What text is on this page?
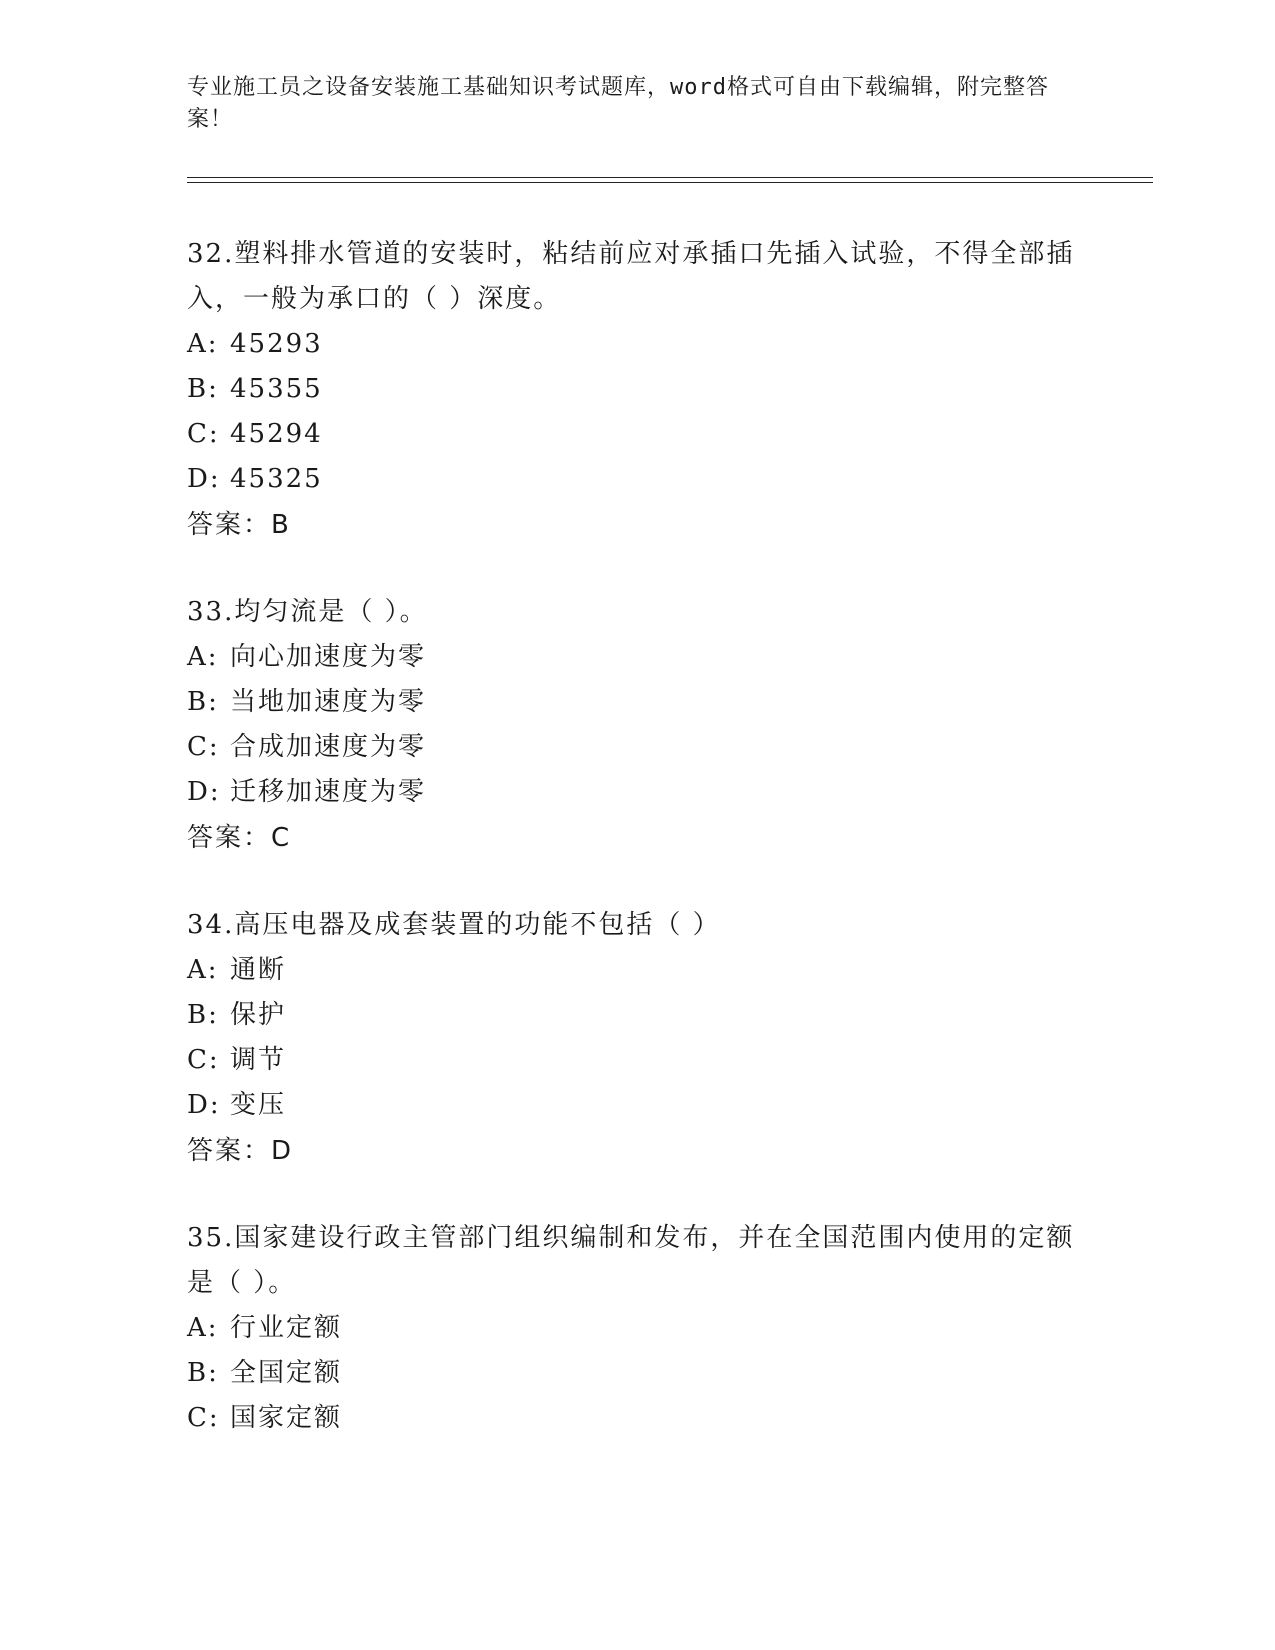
专业施工员之设备安装施工基础知识考试题库，word格式可自由下载编辑，附完整答案！

32.塑料排水管道的安装时，粘结前应对承插口先插入试验，不得全部插入，一般为承口的（ ）深度。

A: 45293

B: 45355

C: 45294

D: 45325

答案：B

33.均匀流是（ ）。

A: 向心加速度为零

B: 当地加速度为零

C: 合成加速度为零

D: 迁移加速度为零

答案：C

34.高压电器及成套装置的功能不包括（ ）

A: 通断

B: 保护

C: 调节

D: 变压

答案：D

35.国家建设行政主管部门组织编制和发布，并在全国范围内使用的定额是（ ）。

A: 行业定额

B: 全国定额

C: 国家定额
